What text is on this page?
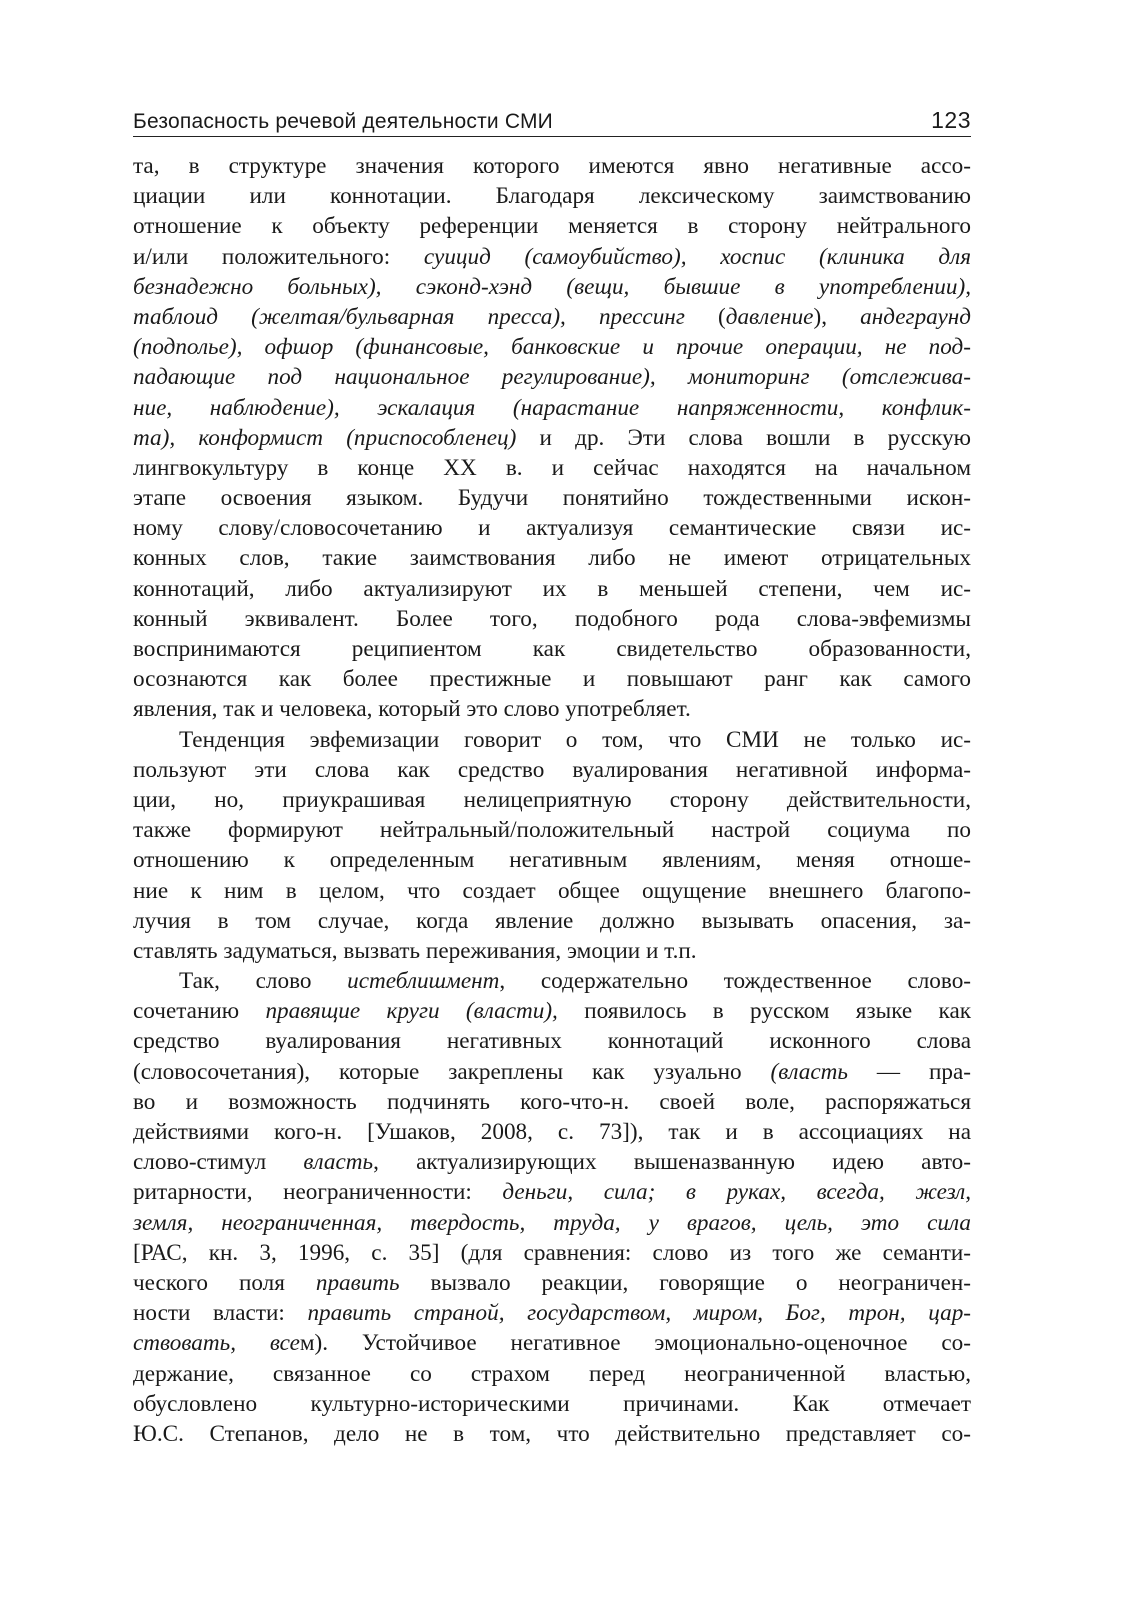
Безопасность речевой деятельности СМИ	123
та, в структуре значения которого имеются явно негативные ассо-
циации или коннотации. Благодаря лексическому заимствованию
отношение к объекту референции меняется в сторону нейтрального
и/или положительного: суицид (самоубийство), хоспис (клиника для
безнадежно больных), сэконд-хэнд (вещи, бывшие в употреблении),
таблоид (желтая/бульварная пресса), прессинг (давление), андеграунд
(подполье), офшор (финансовые, банковские и прочие операции, не под-
падающие под национальное регулирование), мониторинг (отслежива-
ние, наблюдение), эскалация (нарастание напряженности, конфлик-
та), конформист (приспособленец) и др. Эти слова вошли в русскую
лингвокультуру в конце XX в. и сейчас находятся на начальном
этапе освоения языком. Будучи понятийно тождественными искон-
ному слову/словосочетанию и актуализуя семантические связи ис-
конных слов, такие заимствования либо не имеют отрицательных
коннотаций, либо актуализируют их в меньшей степени, чем ис-
конный эквивалент. Более того, подобного рода слова-эвфемизмы
воспринимаются реципиентом как свидетельство образованности,
осознаются как более престижные и повышают ранг как самого
явления, так и человека, который это слово употребляет.
Тенденция эвфемизации говорит о том, что СМИ не только ис-
пользуют эти слова как средство вуалирования негативной информа-
ции, но, приукрашивая нелицеприятную сторону действительности,
также формируют нейтральный/положительный настрой социума по
отношению к определенным негативным явлениям, меняя отноше-
ние к ним в целом, что создает общее ощущение внешнего благопо-
лучия в том случае, когда явление должно вызывать опасения, за-
ставлять задуматься, вызвать переживания, эмоции и т.п.
Так, слово истеблишмент, содержательно тождественное слово-
сочетанию правящие круги (власти), появилось в русском языке как
средство вуалирования негативных коннотаций исконного слова
(словосочетания), которые закреплены как узуально (власть — пра-
во и возможность подчинять кого-что-н. своей воле, распоряжаться
действиями кого-н. [Ушаков, 2008, с. 73]), так и в ассоциациях на
слово-стимул власть, актуализирующих вышеназванную идею авто-
ритарности, неограниченности: деньги, сила; в руках, всегда, жезл,
земля, неограниченная, твердость, труда, у врагов, цель, это сила
[РАС, кн. 3, 1996, с. 35] (для сравнения: слово из того же семанти-
ческого поля править вызвало реакции, говорящие о неограничен-
ности власти: править страной, государством, миром, Бог, трон, цар-
ствовать, всем). Устойчивое негативное эмоционально-оценочное со-
держание, связанное со страхом перед неограниченной властью,
обусловлено культурно-историческими причинами. Как отмечает
Ю.С. Степанов, дело не в том, что действительно представляет со-
